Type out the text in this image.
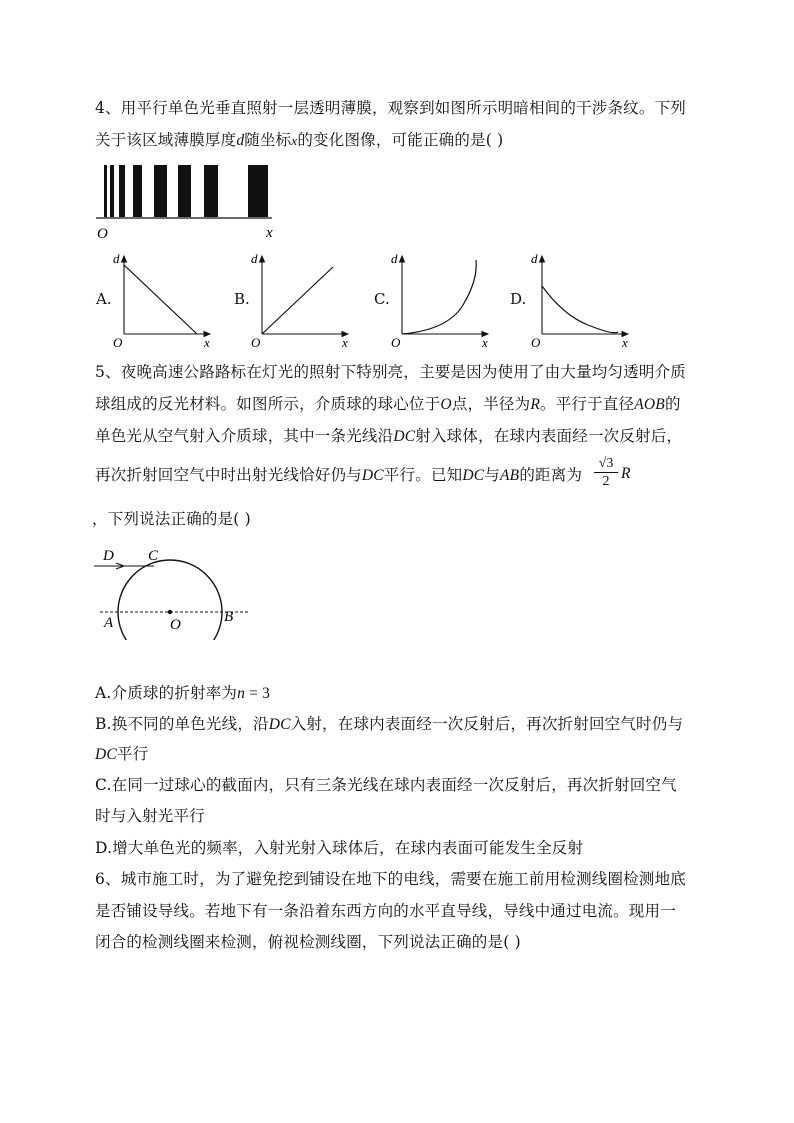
4、用平行单色光垂直照射一层透明薄膜，观察到如图所示明暗相间的干涉条纹。下列
关于该区域薄膜厚度d随坐标x的变化图像，可能正确的是( )
O	x
A.
d
O	x
B.
d
O	x
C.
d
O	x
D.
d
O	x
5、夜晚高速公路路标在灯光的照射下特别亮，主要是因为使用了由大量均匀透明介质
球组成的反光材料。如图所示，介质球的球心位于O点，半径为R。平行于直径AOB的
单色光从空气射入介质球，其中一条光线沿DC射入球体，在球内表面经一次反射后，
再次折射回空气中时出射光线恰好仍与DC平行。已知DC与AB的距离为 $\frac{√3}{2}$ R
，下列说法正确的是( )
D C
A	O	B
A.介质球的折射率为n = 3
B.换不同的单色光线，沿DC入射，在球内表面经一次反射后，再次折射回空气时仍与
DC平行
C.在同一过球心的截面内，只有三条光线在球内表面经一次反射后，再次折射回空气
时与入射光平行
D.增大单色光的频率，入射光射入球体后，在球内表面可能发生全反射
6、城市施工时，为了避免挖到铺设在地下的电线，需要在施工前用检测线圈检测地底
是否铺设导线。若地下有一条沿着东西方向的水平直导线，导线中通过电流。现用一
闭合的检测线圈来检测，俯视检测线圈，下列说法正确的是( )
